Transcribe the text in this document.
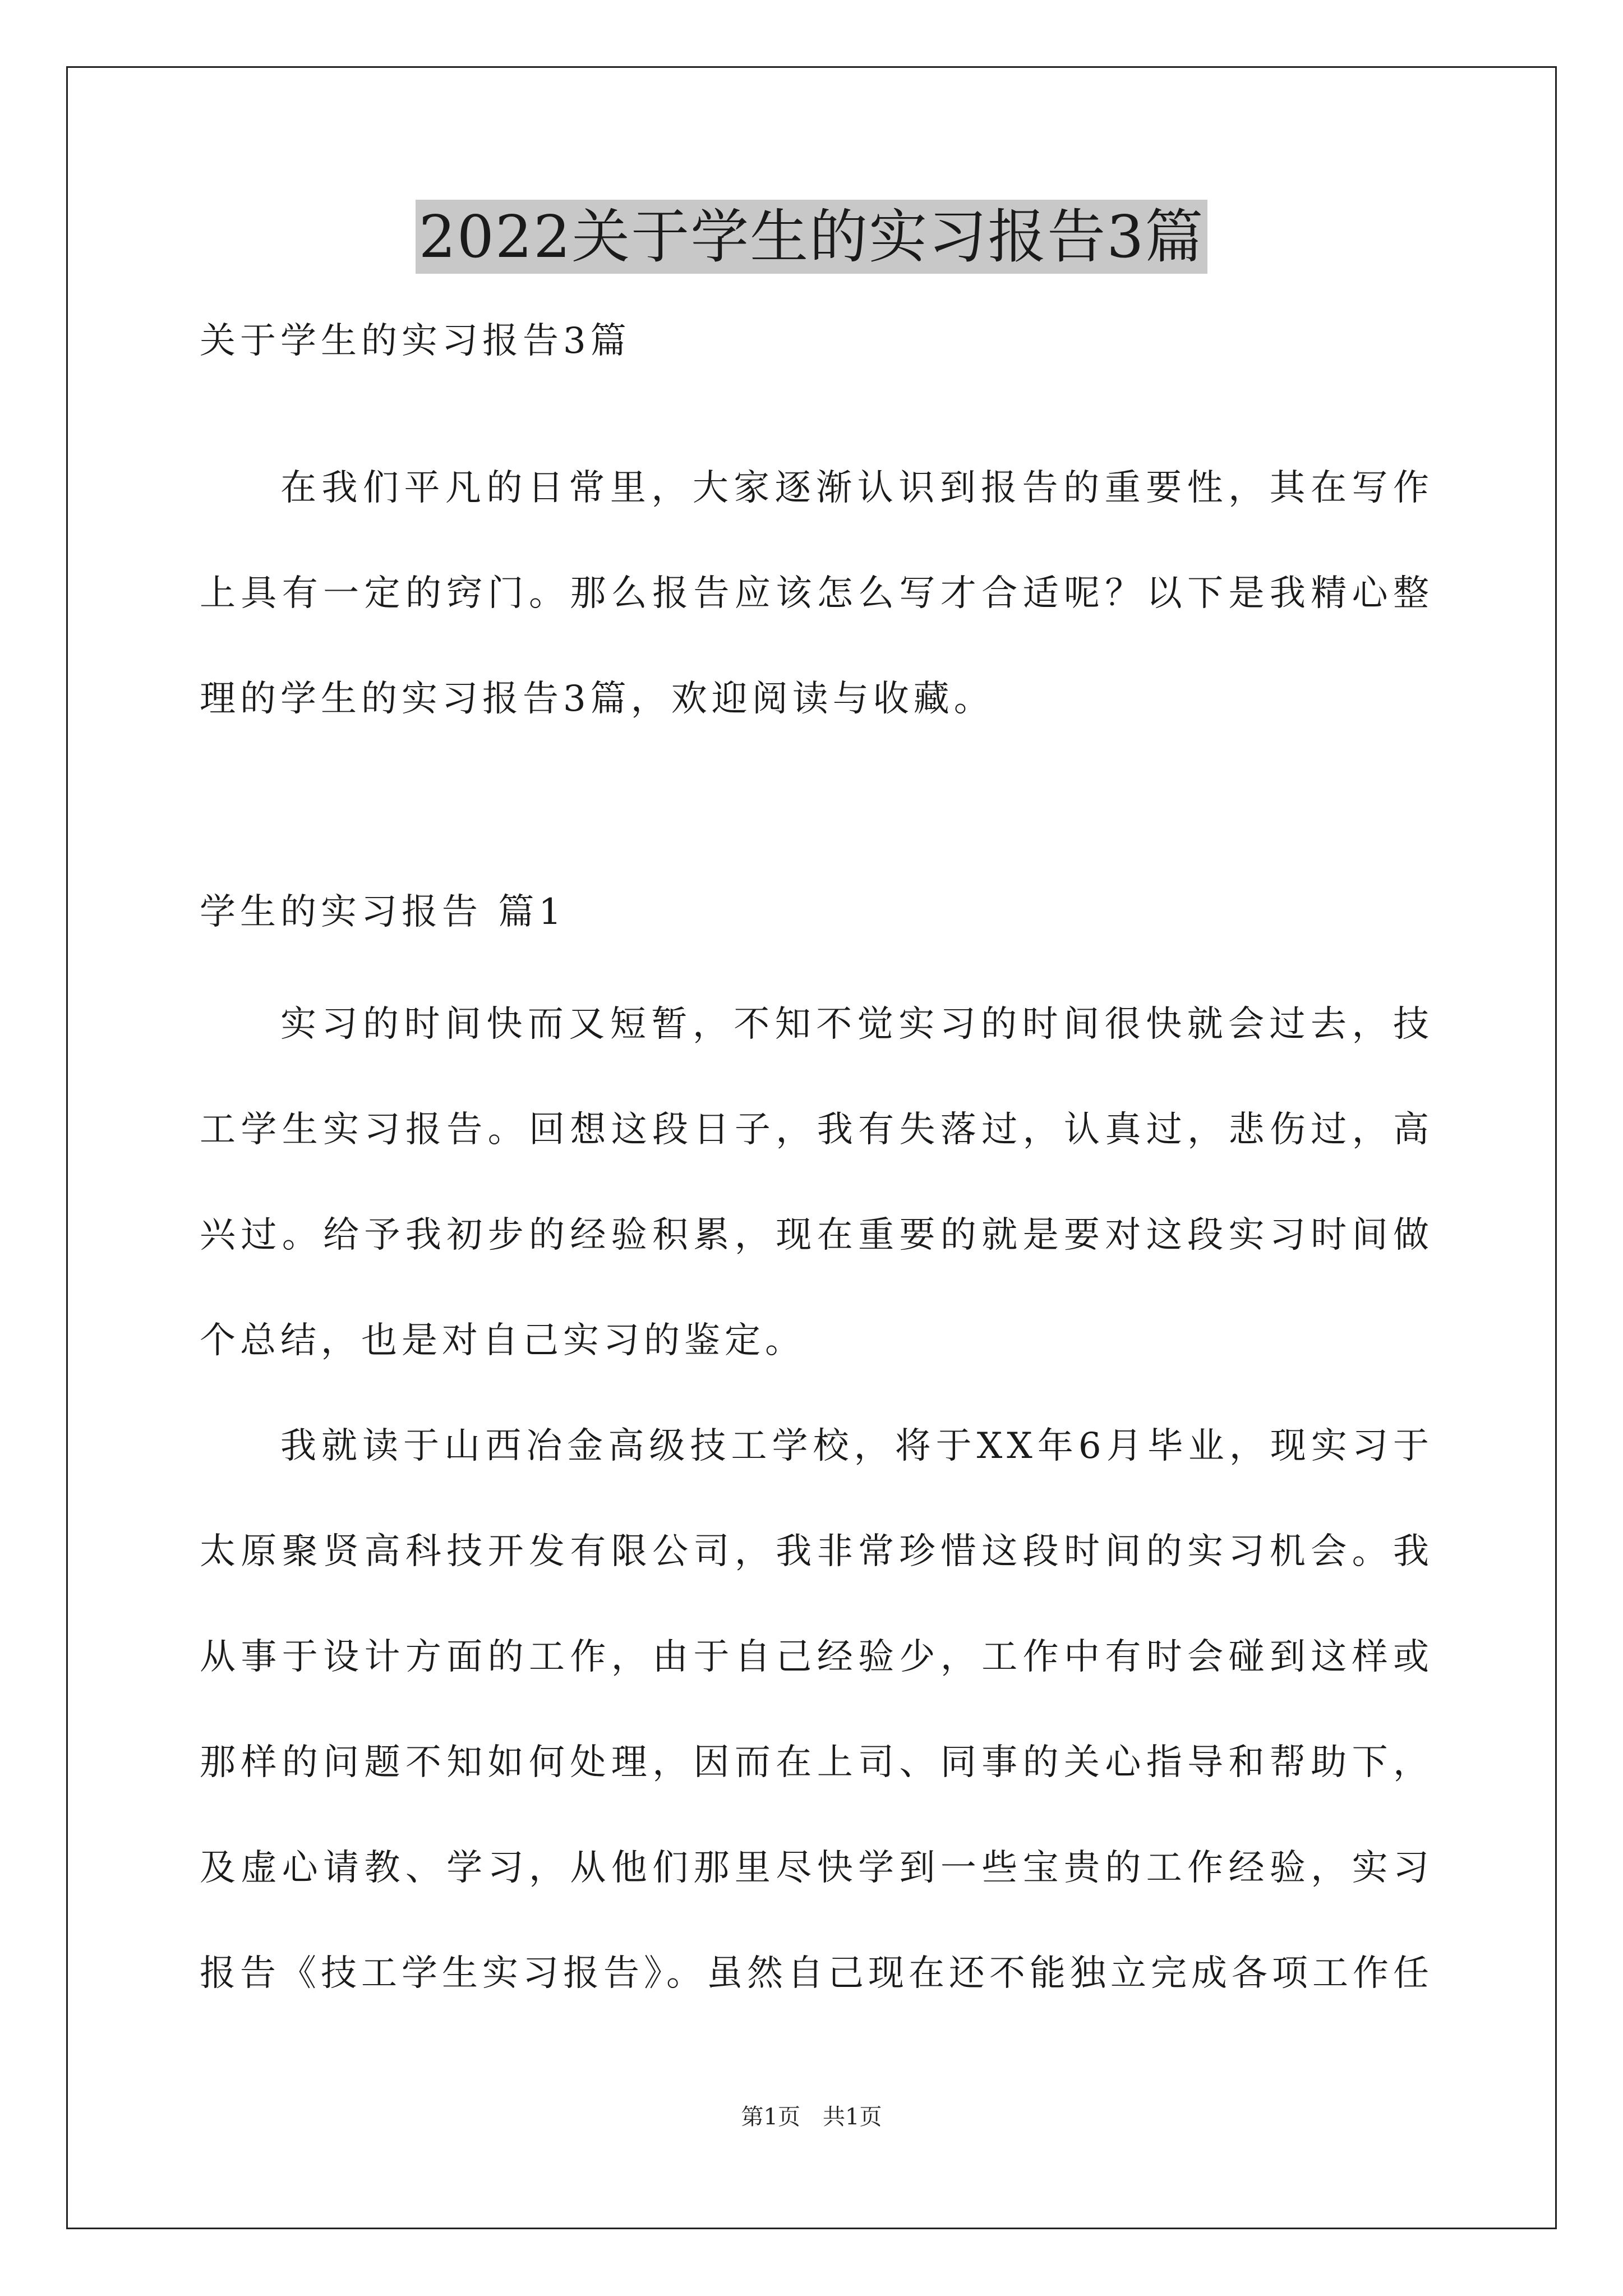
2022关于学生的实习报告3篇

关于学生的实习报告3篇

在我们平凡的日常里，大家逐渐认识到报告的重要性，其在写作上具有一定的窍门。那么报告应该怎么写才合适呢？以下是我精心整理的学生的实习报告3篇，欢迎阅读与收藏。

学生的实习报告 篇1

实习的时间快而又短暂，不知不觉实习的时间很快就会过去，技工学生实习报告。回想这段日子，我有失落过，认真过，悲伤过，高兴过。给予我初步的经验积累，现在重要的就是要对这段实习时间做个总结，也是对自己实习的鉴定。

我就读于山西冶金高级技工学校，将于XX年6月毕业，现实习于太原聚贤高科技开发有限公司，我非常珍惜这段时间的实习机会。我从事于设计方面的工作，由于自己经验少，工作中有时会碰到这样或那样的问题不知如何处理，因而在上司、同事的关心指导和帮助下，及虚心请教、学习，从他们那里尽快学到一些宝贵的工作经验，实习报告《技工学生实习报告》。虽然自己现在还不能独立完成各项工作任

第1页　共1页
